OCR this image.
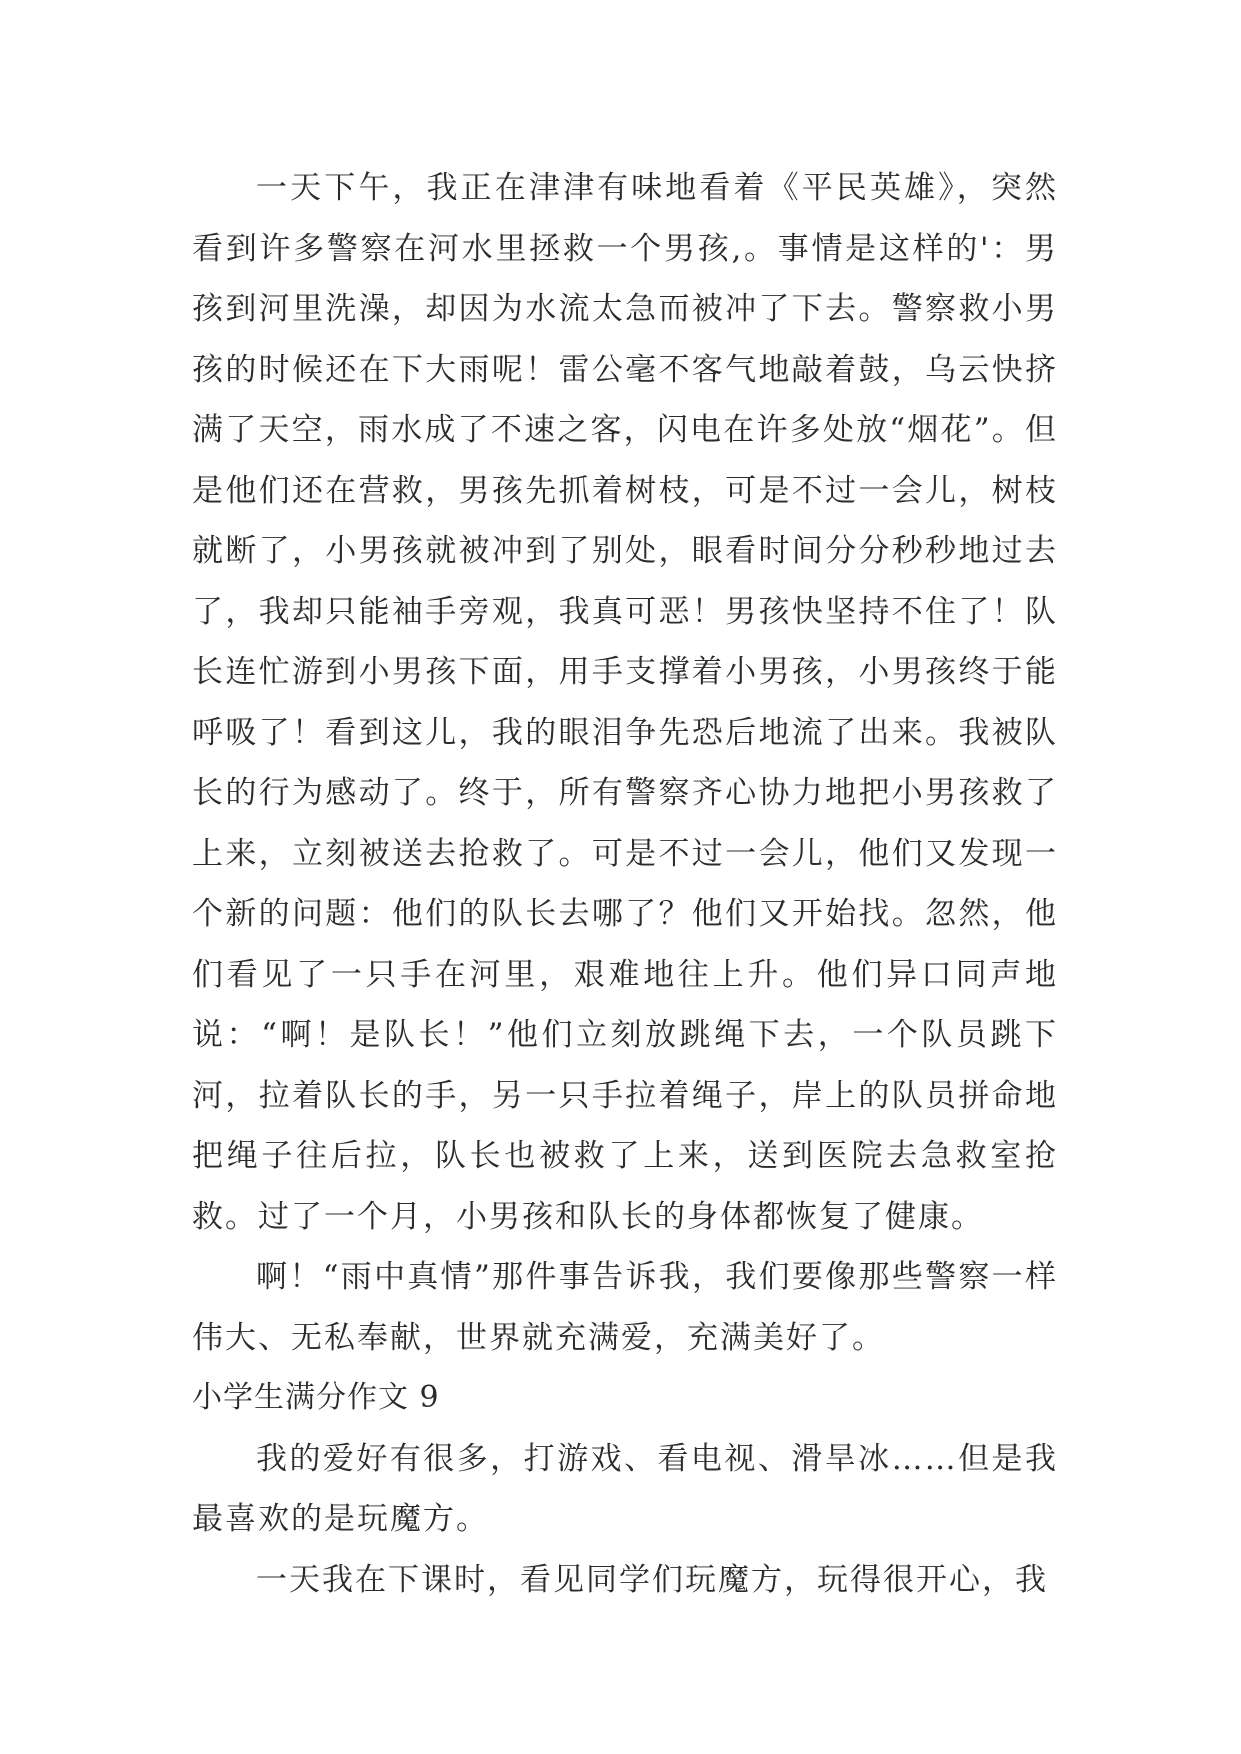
一天下午，我正在津津有味地看着《平民英雄》，突然看到许多警察在河水里拯救一个男孩,。事情是这样的'：男孩到河里洗澡，却因为水流太急而被冲了下去。警察救小男孩的时候还在下大雨呢！雷公毫不客气地敲着鼓，乌云快挤满了天空，雨水成了不速之客，闪电在许多处放“烟花”。但是他们还在营救，男孩先抓着树枝，可是不过一会儿，树枝就断了，小男孩就被冲到了别处，眼看时间分分秒秒地过去了，我却只能袖手旁观，我真可恶！男孩快坚持不住了！队长连忙游到小男孩下面，用手支撑着小男孩，小男孩终于能呼吸了！看到这儿，我的眼泪争先恐后地流了出来。我被队长的行为感动了。终于，所有警察齐心协力地把小男孩救了上来，立刻被送去抢救了。可是不过一会儿，他们又发现一个新的问题：他们的队长去哪了？他们又开始找。忽然，他们看见了一只手在河里，艰难地往上升。他们异口同声地说：“啊！是队长！”他们立刻放跳绳下去，一个队员跳下河，拉着队长的手，另一只手拉着绳子，岸上的队员拼命地把绳子往后拉，队长也被救了上来，送到医院去急救室抢救。过了一个月，小男孩和队长的身体都恢复了健康。

啊！“雨中真情”那件事告诉我，我们要像那些警察一样伟大、无私奉献，世界就充满爱，充满美好了。

小学生满分作文 9

我的爱好有很多，打游戏、看电视、滑旱冰……但是我最喜欢的是玩魔方。

一天我在下课时，看见同学们玩魔方，玩得很开心，我
